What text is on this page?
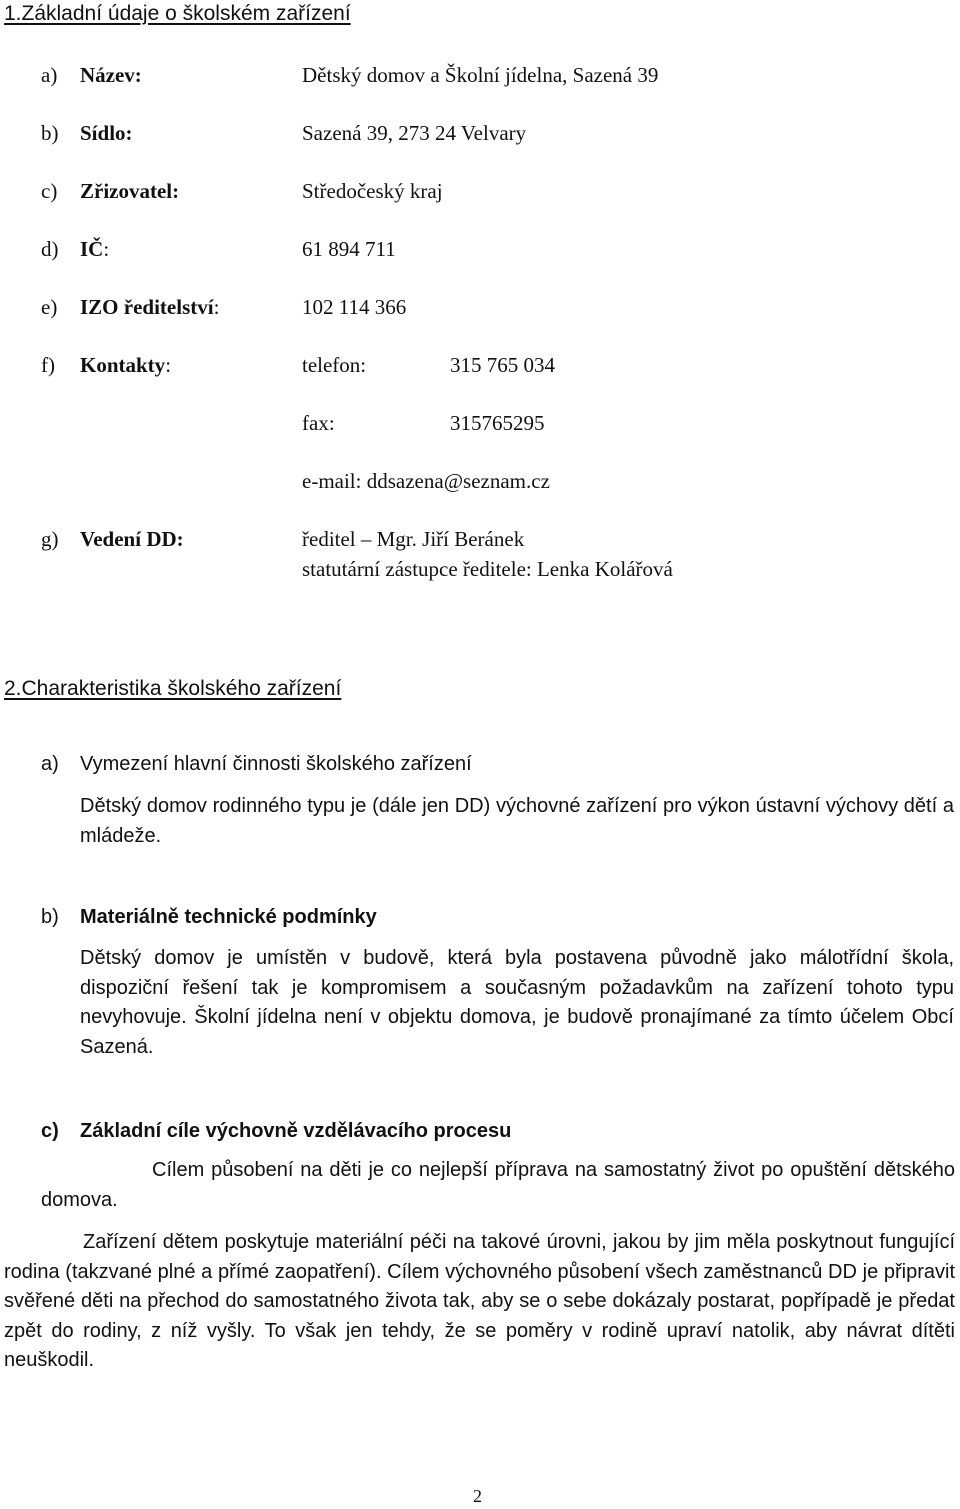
1.Základní údaje o školském zařízení
a) Název:	Dětský domov a Školní jídelna, Sazená 39
b) Sídlo:	Sazená 39, 273 24 Velvary
c) Zřizovatel:	Středočeský kraj
d) IČ:	61 894 711
e) IZO ředitelství:	102 114 366
f) Kontakty:	telefon:	315 765 034
fax:	315765295
e-mail: ddsazena@seznam.cz
g) Vedení DD:	ředitel – Mgr. Jiří Beránek
statutární zástupce ředitele: Lenka Kolářová
2.Charakteristika školského zařízení
a) Vymezení hlavní činnosti školského zařízení
Dětský domov rodinného typu je (dále jen DD) výchovné zařízení pro výkon ústavní výchovy dětí a mládeže.
b) Materiálně technické podmínky
Dětský domov je umístěn v budově, která byla postavena původně jako málotřídní škola, dispoziční řešení tak je kompromisem a současným požadavkům na zařízení tohoto typu nevyhovuje. Školní jídelna není v objektu domova, je budově pronajímané za tímto účelem Obcí Sazená.
c) Základní cíle výchovně vzdělávacího procesu
Cílem působení na děti je co nejlepší příprava na samostatný život po opuštění dětského domova.
Zařízení dětem poskytuje materiální péči na takové úrovni, jakou by jim měla poskytnout fungující rodina (takzvané plné a přímé zaopatření). Cílem výchovného působení všech zaměstnanců DD je připravit svěřené děti na přechod do samostatného života tak, aby se o sebe dokázaly postarat, popřípadě je předat zpět do rodiny, z níž vyšly. To však jen tehdy, že se poměry v rodině upraví natolik, aby návrat dítěti neuškodil.
2
